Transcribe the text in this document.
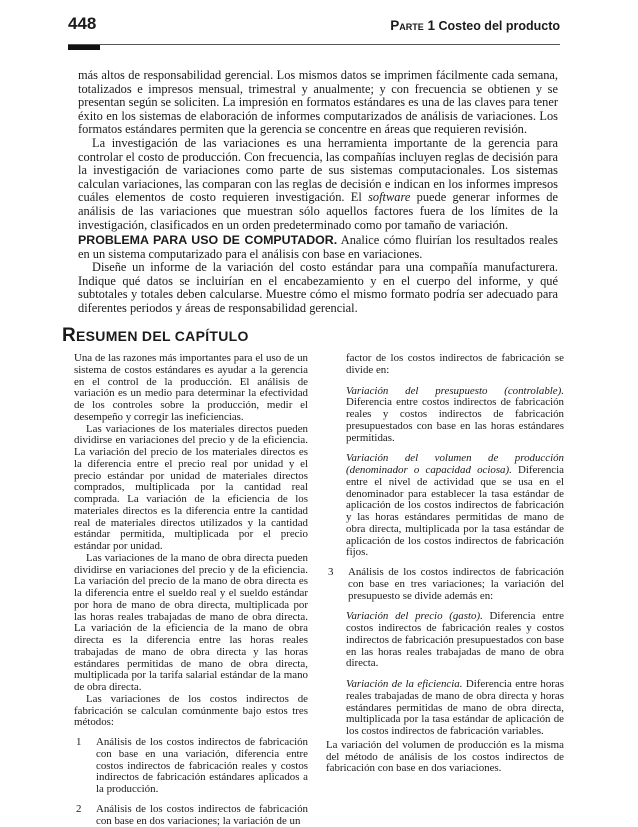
448	Parte 1 Costeo del producto

más altos de responsabilidad gerencial. Los mismos datos se imprimen fácilmente cada semana, totalizados e impresos mensual, trimestral y anualmente; y con frecuencia se obtienen y se presentan según se soliciten. La impresión en formatos estándares es una de las claves para tener éxito en los sistemas de elaboración de informes computarizados de análisis de variaciones. Los formatos estándares permiten que la gerencia se concentre en áreas que requieren revisión.

La investigación de las variaciones es una herramienta importante de la gerencia para controlar el costo de producción. Con frecuencia, las compañías incluyen reglas de decisión para la investigación de variaciones como parte de sus sistemas computacionales. Los sistemas calculan variaciones, las comparan con las reglas de decisión e indican en los informes impresos cuáles elementos de costo requieren investigación. El software puede generar informes de análisis de las variaciones que muestran sólo aquellos factores fuera de los límites de la investigación, clasificados en un orden predeterminado como por tamaño de variación.

PROBLEMA PARA USO DE COMPUTADOR. Analice cómo fluirían los resultados reales en un sistema computarizado para el análisis con base en variaciones.

Diseñe un informe de la variación del costo estándar para una compañía manufacturera. Indique qué datos se incluirían en el encabezamiento y en el cuerpo del informe, y qué subtotales y totales deben calcularse. Muestre cómo el mismo formato podría ser adecuado para diferentes periodos y áreas de responsabilidad gerencial.

RESUMEN DEL CAPÍTULO

Una de las razones más importantes para el uso de un sistema de costos estándares es ayudar a la gerencia en el control de la producción. El análisis de variación es un medio para determinar la efectividad de los controles sobre la producción, medir el desempeño y corregir las ineficiencias.

Las variaciones de los materiales directos pueden dividirse en variaciones del precio y de la eficiencia. La variación del precio de los materiales directos es la diferencia entre el precio real por unidad y el precio estándar por unidad de materiales directos comprados, multiplicada por la cantidad real comprada. La variación de la eficiencia de los materiales directos es la diferencia entre la cantidad real de materiales directos utilizados y la cantidad estándar permitida, multiplicada por el precio estándar por unidad.

Las variaciones de la mano de obra directa pueden dividirse en variaciones del precio y de la eficiencia. La variación del precio de la mano de obra directa es la diferencia entre el sueldo real y el sueldo estándar por hora de mano de obra directa, multiplicada por las horas reales trabajadas de mano de obra directa. La variación de la eficiencia de la mano de obra directa es la diferencia entre las horas reales trabajadas de mano de obra directa y las horas estándares permitidas de mano de obra directa, multiplicada por la tarifa salarial estándar de la mano de obra directa.

Las variaciones de los costos indirectos de fabricación se calculan comúnmente bajo estos tres métodos:

1	Análisis de los costos indirectos de fabricación con base en una variación, diferencia entre costos indirectos de fabricación reales y costos indirectos de fabricación estándares aplicados a la producción.
2	Análisis de los costos indirectos de fabricación con base en dos variaciones; la variación de un
factor de los costos indirectos de fabricación se divide en:
Variación del presupuesto (controlable). Diferencia entre costos indirectos de fabricación reales y costos indirectos de fabricación presupuestados con base en las horas estándares permitidas.
Variación del volumen de producción (denominador o capacidad ociosa). Diferencia entre el nivel de actividad que se usa en el denominador para establecer la tasa estándar de aplicación de los costos indirectos de fabricación y las horas estándares permitidas de mano de obra directa, multiplicada por la tasa estándar de aplicación de los costos indirectos de fabricación fijos.
3	Análisis de los costos indirectos de fabricación con base en tres variaciones; la variación del presupuesto se divide además en:
Variación del precio (gasto). Diferencia entre costos indirectos de fabricación reales y costos indirectos de fabricación presupuestados con base en las horas reales trabajadas de mano de obra directa.
Variación de la eficiencia. Diferencia entre horas reales trabajadas de mano de obra directa y horas estándares permitidas de mano de obra directa, multiplicada por la tasa estándar de aplicación de los costos indirectos de fabricación variables.

La variación del volumen de producción es la misma del método de análisis de los costos indirectos de fabricación con base en dos variaciones.
